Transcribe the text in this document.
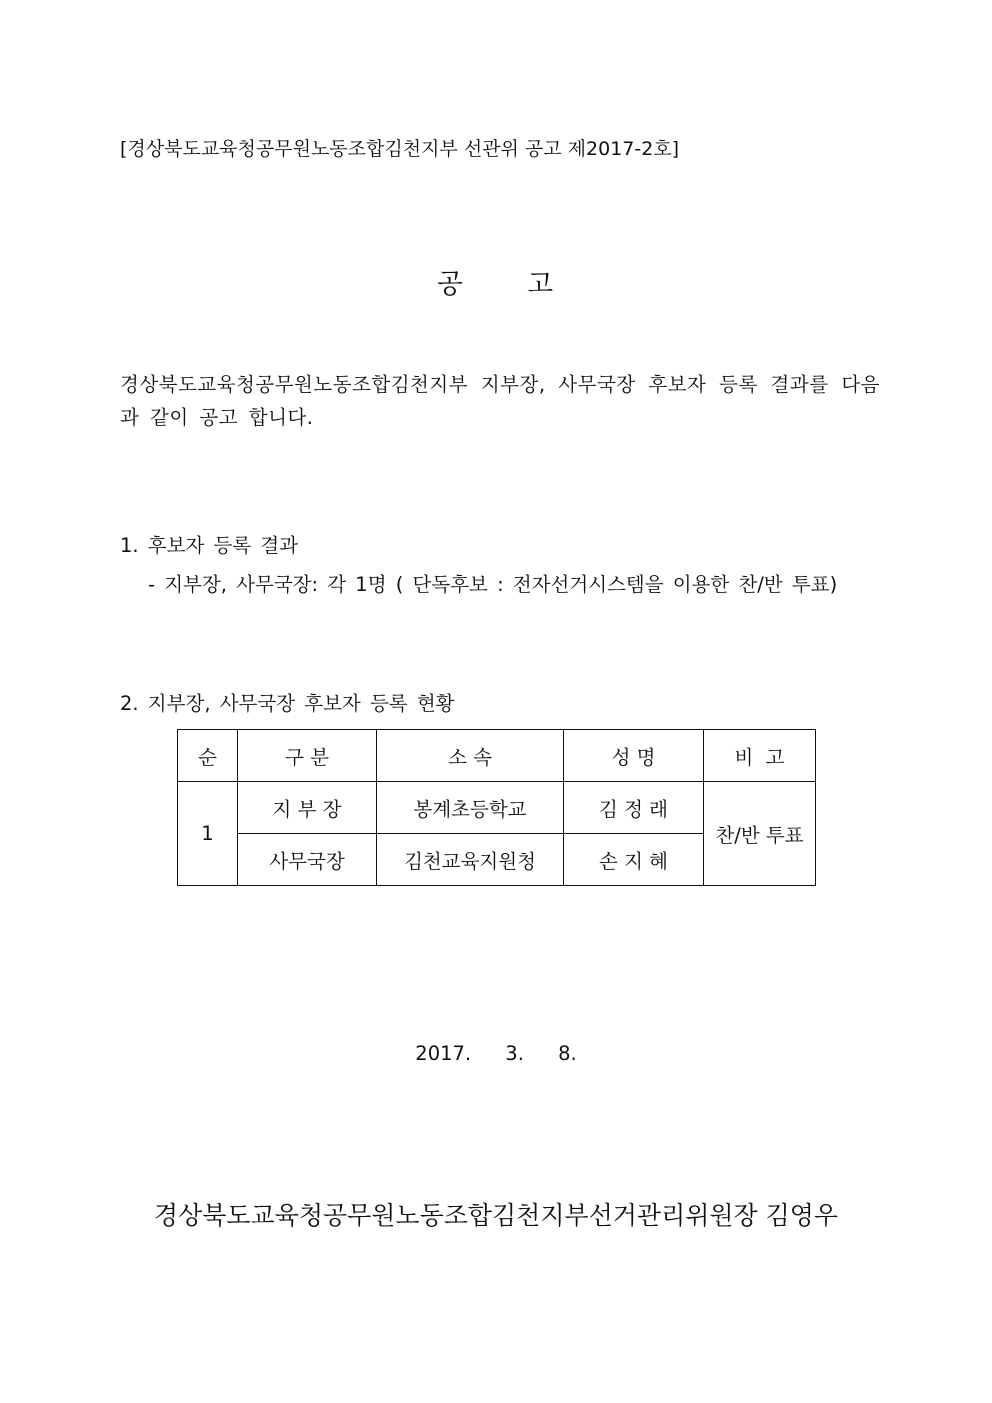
[경상북도교육청공무원노동조합김천지부 선관위 공고 제2017-2호]
공 고
경상북도교육청공무원노동조합김천지부 지부장, 사무국장 후보자 등록 결과를 다음과 같이 공고 합니다.
1. 후보자 등록 결과
- 지부장, 사무국장: 각 1명 ( 단독후보 : 전자선거시스템을 이용한 찬/반 투표)
2. 지부장, 사무국장 후보자 등록 현황
순	구 분	소 속	성 명	비  고
1	지 부 장	봉계초등학교	김 정 래	찬/반 투표
	사무국장	김천교육지원청	손 지 혜	
2017. 3. 8.
경상북도교육청공무원노동조합김천지부선거관리위원장 김영우
